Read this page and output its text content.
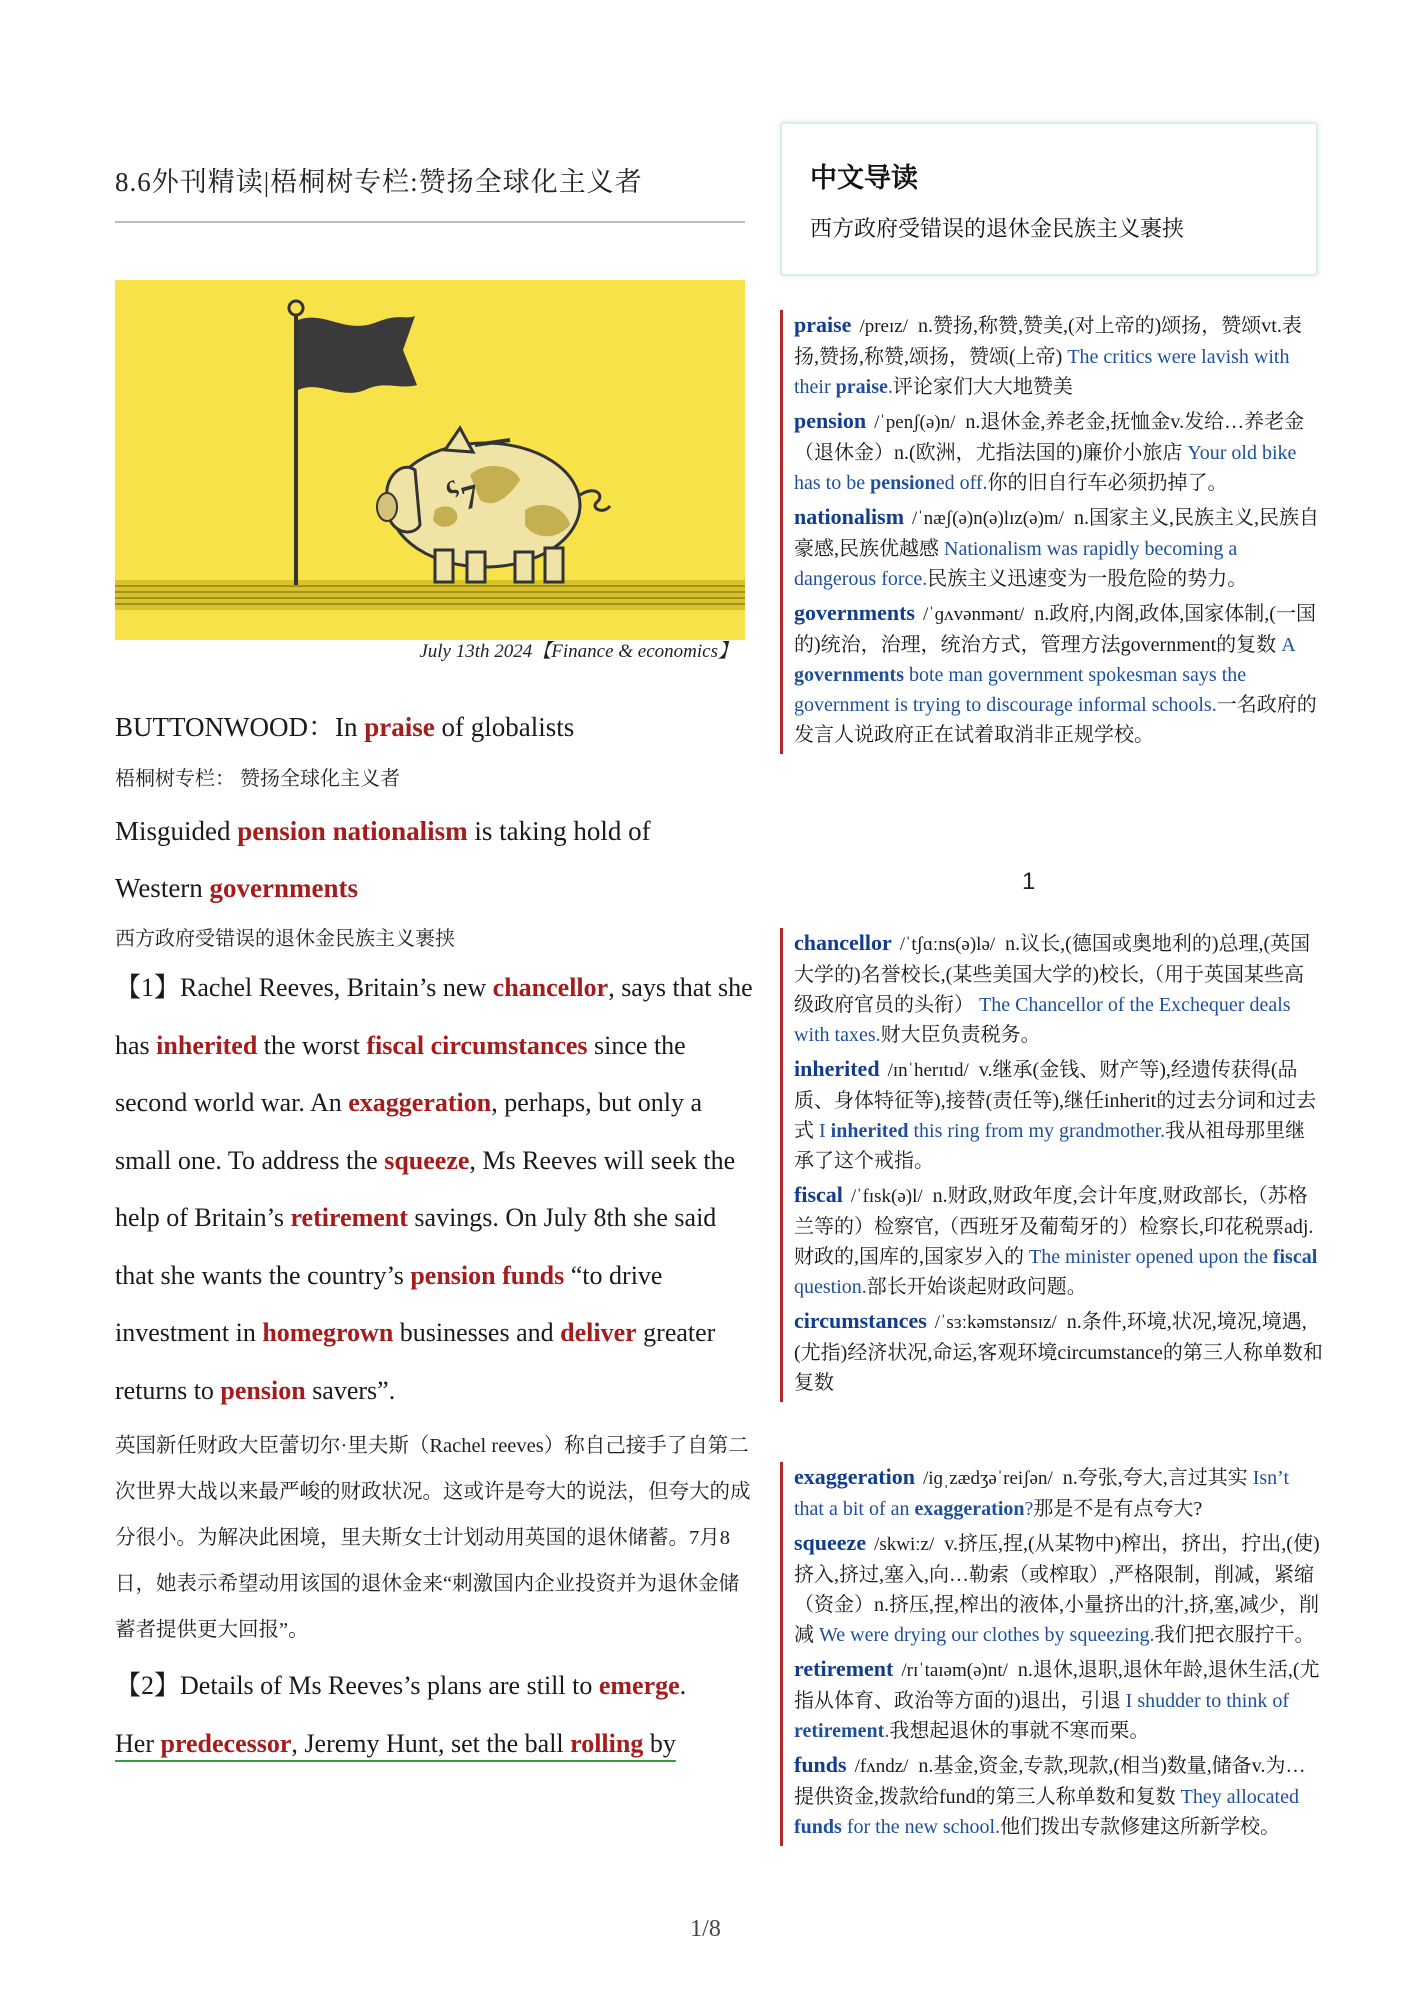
8.6外刊精读|梧桐树专栏:赞扬全球化主义者
ς
7
July 13th 2024【Finance & economics】

BUTTONWOOD：In praise of globalists

梧桐树专栏： 赞扬全球化主义者

Misguided pension nationalism is taking hold of
Western governments

西方政府受错误的退休金民族主义裹挟

【1】Rachel Reeves, Britain’s new chancellor, says that she has inherited the worst fiscal circumstances since the second world war. An exaggeration, perhaps, but only a small one. To address the squeeze, Ms Reeves will seek the help of Britain’s retirement savings. On July 8th she said that she wants the country’s pension funds “to drive investment in homegrown businesses and deliver greater returns to pension savers”.

英国新任财政大臣蕾切尔·里夫斯（Rachel reeves）称自己接手了自第二次世界大战以来最严峻的财政状况。这或许是夸大的说法，但夸大的成分很小。为解决此困境，里夫斯女士计划动用英国的退休储蓄。7月8日，她表示希望动用该国的退休金来“刺激国内企业投资并为退休金储蓄者提供更大回报”。

【2】Details of Ms Reeves’s plans are still to emerge.
Her predecessor, Jeremy Hunt, set the ball rolling by

1/8
中文导读
西方政府受错误的退休金民族主义裹挟
praise /preɪz/ n.赞扬,称赞,赞美,(对上帝的)颂扬，赞颂vt.表扬,赞扬,称赞,颂扬，赞颂(上帝) The critics were lavish with their praise.评论家们大大地赞美
pension /ˈpenʃ(ə)n/ n.退休金,养老金,抚恤金v.发给…养老金（退休金）n.(欧洲，尤指法国的)廉价小旅店 Your old bike has to be pensioned off.你的旧自行车必须扔掉了。
nationalism /ˈnæʃ(ə)n(ə)lɪz(ə)m/ n.国家主义,民族主义,民族自豪感,民族优越感 Nationalism was rapidly becoming a dangerous force.民族主义迅速变为一股危险的势力。
governments /ˈɡʌvənmənt/ n.政府,内阁,政体,国家体制,(一国的)统治，治理，统治方式，管理方法government的复数 A governments bote man government spokesman says the government is trying to discourage informal schools.一名政府的发言人说政府正在试着取消非正规学校。
1
chancellor /ˈtʃɑːns(ə)lə/ n.议长,(德国或奥地利的)总理,(英国大学的)名誉校长,(某些美国大学的)校长,（用于英国某些高级政府官员的头衔） The Chancellor of the Exchequer deals with taxes.财大臣负责税务。
inherited /ɪnˈherɪtɪd/ v.继承(金钱、财产等),经遗传获得(品质、身体特征等),接替(责任等),继任inherit的过去分词和过去式 I inherited this ring from my grandmother.我从祖母那里继承了这个戒指。
fiscal /ˈfɪsk(ə)l/ n.财政,财政年度,会计年度,财政部长,（苏格兰等的）检察官,（西班牙及葡萄牙的）检察长,印花税票adj.财政的,国库的,国家岁入的 The minister opened upon the fiscal question.部长开始谈起财政问题。
circumstances /ˈsɜːkəmstənsɪz/ n.条件,环境,状况,境况,境遇,(尤指)经济状况,命运,客观环境circumstance的第三人称单数和复数
exaggeration /iɡˌzædʒəˈreiʃən/ n.夸张,夸大,言过其实 Isn’t that a bit of an exaggeration?那是不是有点夸大?
squeeze /skwiːz/ v.挤压,捏,(从某物中)榨出，挤出，拧出,(使)挤入,挤过,塞入,向…勒索（或榨取）,严格限制，削减，紧缩（资金）n.挤压,捏,榨出的液体,小量挤出的汁,挤,塞,减少，削减 We were drying our clothes by squeezing.我们把衣服拧干。
retirement /rɪˈtaɪəm(ə)nt/ n.退休,退职,退休年龄,退休生活,(尤指从体育、政治等方面的)退出，引退 I shudder to think of retirement.我想起退休的事就不寒而栗。
funds /fʌndz/ n.基金,资金,专款,现款,(相当)数量,储备v.为…提供资金,拨款给fund的第三人称单数和复数 They allocated funds for the new school.他们拨出专款修建这所新学校。
